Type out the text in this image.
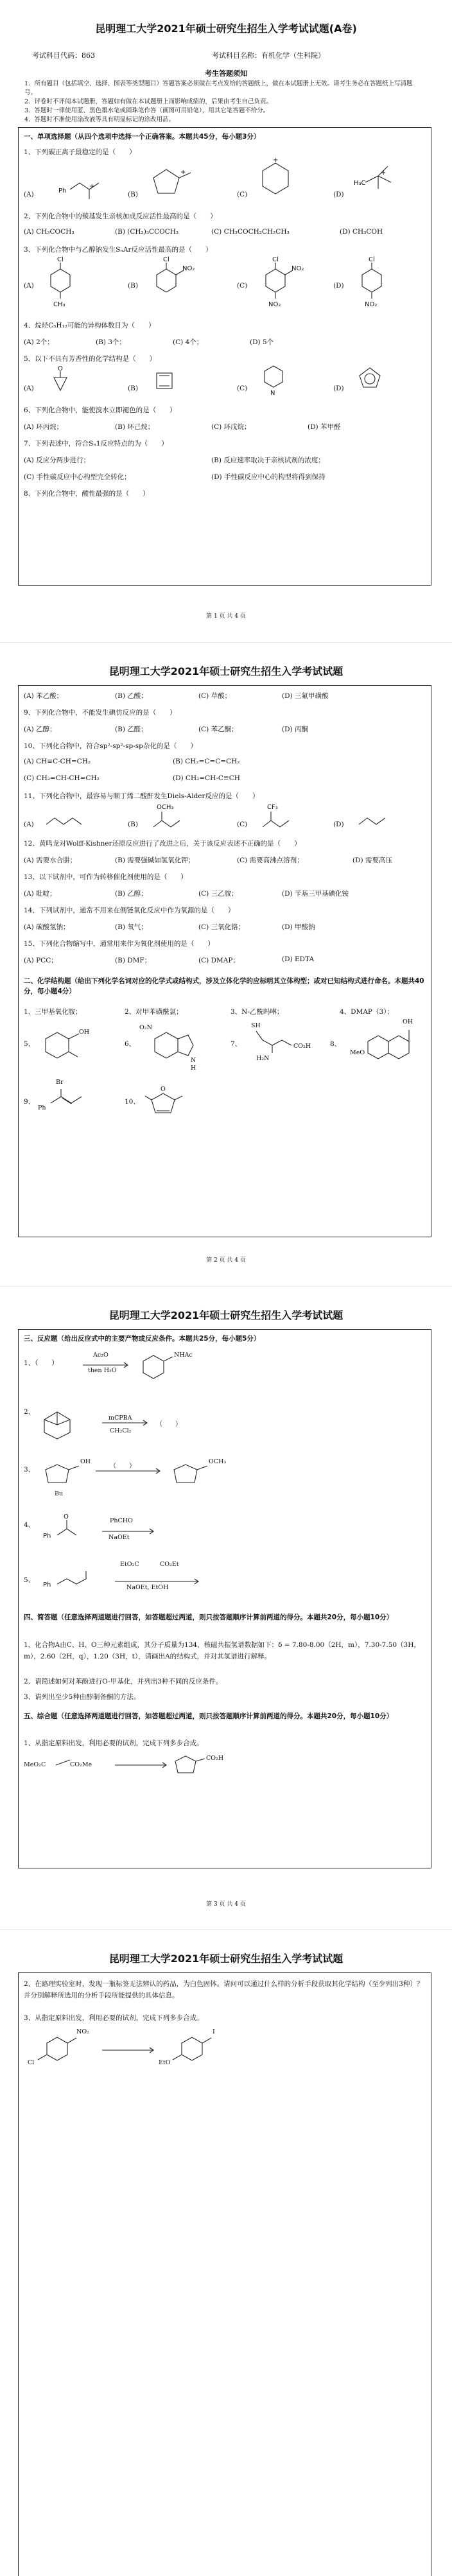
昆明理工大学2021年硕士研究生招生入学考试试题(A卷)
考试科目代码：863	考试科目名称：有机化学（生科院）
考生答题须知
1．所有题目（包括填空、选择、图表等类型题目）答题答案必须做在考点发给的答题纸上，做在本试题册上无效。请考生务必在答题纸上写清题号。
2．评卷时不评阅本试题册，答题如有做在本试题册上而影响成绩的，后果由考生自己负责。
3．答题时一律使用蓝、黑色墨水笔或圆珠笔作答（画图可用铅笔），用其它笔答题不给分。
4．答题时不准使用涂改液等具有明显标记的涂改用品。
一、单项选择题（从四个选项中选择一个正确答案。本题共45分，每小题3分）
1、下列碳正离子最稳定的是（　　）
(A)	(B)	(C)	(D)
Ph
+
+
+
+
H₃C
2、下列化合物中的羰基发生亲核加成反应活性最高的是（　　）
(A) CH₃COCH₃	(B) (CH₃)₃CCOCH₃	(C) CH₃COCH₂CH₂CH₃	(D) CH₃COH
3、下列化合物中与乙醇钠发生SₙAr反应活性最高的是（　　）
(A)	(B)	(C)	(D)
Cl
CH₃
Cl
NO₂
Cl
NO₂
NO₂
Cl
NO₂
4、烷烃C₅H₁₂可能的异构体数目为（　　）
(A) 2个；	(B) 3个；	(C) 4个；	(D) 5个
5、以下不具有芳香性的化学结构是（　　）
(A)	(B)	(C)	(D)
O
N
6、下列化合物中，能使溴水立即褪色的是（　　）
(A) 环丙烷；	(B) 环己烷；	(C) 环戊烷；	(D) 苯甲醛
7、下列表述中，符合Sₙ1反应特点的为（　　）
(A) 反应分两步进行；	(B) 反应速率取决于亲核试剂的浓度；
(C) 手性碳反应中心构型完全转化；	(D) 手性碳反应中心的构型将得到保持
8、下列化合物中，酸性最强的是（　　）
第 1 页 共 4 页
昆明理工大学2021年硕士研究生招生入学考试试题
(A) 苯乙酸；	(B) 乙酸；	(C) 草酸；	(D) 三氟甲磺酸
9、下列化合物中，不能发生碘仿反应的是（　　）
(A) 乙醇；	(B) 乙醛；	(C) 苯乙酮；	(D) 丙酮
10、下列化合物中，符合sp²-sp²-sp-sp杂化的是（　　）
(A) CH≡C-CH=CH₂	(B) CH₂=C=C=CH₂
(C) CH₂=CH-CH=CH₂	(D) CH₂=CH-C≡CH
11、下列化合物中，最容易与顺丁烯二酸酐发生Diels-Alder反应的是（　　）
(A)	(B)	(C)	(D)
OCH₃	CF₃
12、黄鸣龙对Wolff-Kishner还原反应进行了改进之后，关于该反应表述不正确的是（　　）
(A) 需要水合肼；	(B) 需要强碱如氢氧化钾；	(C) 需要高沸点溶剂；	(D) 需要高压
13、以下试剂中，可作为转移催化剂使用的是（　　）
(A) 吡啶；	(B) 乙醇；	(C) 三乙胺；	(D) 苄基三甲基碘化铵
14、下列试剂中，通常不用来在侧链氧化反应中作为氧源的是（　　）
(A) 碳酸氢钠；	(B) 氧气；	(C) 三氧化铬；	(D) 甲酸钠
15、下列化合物缩写中，通常用来作为氧化剂使用的是（　　）
(A) PCC；	(B) DMF；	(C) DMAP；	(D) EDTA
二、化学结构题（给出下列化学名词对应的化学式或结构式，涉及立体化学的应标明其立体构型；或对已知结构式进行命名。本题共40分，每小题4分）
1、三甲基氧化胺；	2、对甲苯磺酰氯；	3、N-乙酰吗啉；	4、DMAP（3）；
5、
OH
6、
O₂N
N
H
7、
SH
H₂N
CO₂H	8、
OH
MeO
9、
Br
Ph
10、
O
第 2 页 共 4 页
昆明理工大学2021年硕士研究生招生入学考试试题
三、反应题（给出反应式中的主要产物或反应条件。本题共25分，每小题5分）
1、（　　）
Ac₂O
then H₂O
NHAc
2、
（　　）
mCPBA
CH₂Cl₂
3、	（　　）
OH	OCH₃
Bu
4、
Ph
O
PhCHO
NaOEt
5、
Ph
EtO₂C	CO₂Et
NaOEt, EtOH
四、简答题（任意选择两道题进行回答，如答题超过两道，则只按答题顺序计算前两道的得分。本题共20分，每小题10分）
1、化合物A由C、H、O三种元素组成，其分子质量为134，核磁共振氢谱数据如下：δ = 7.80-8.00（2H，m），7.30-7.50（3H，m），2.60（2H，q），1.20（3H，t），请画出A的结构式，并对其氢谱进行解释。
2、请简述如何对苯酚进行O-甲基化，并列出3种不同的反应条件。
3、请列出至少5种由醇制备酮的方法。
五、综合题（任意选择两道题进行回答，如答题超过两道，则只按答题顺序计算前两道的得分。本题共20分，每小题10分）
1、从指定原料出发，利用必要的试剂，完成下列多步合成。
MeO₂C	CO₂Me
CO₂H
第 3 页 共 4 页
昆明理工大学2021年硕士研究生招生入学考试试题
2、在路理实验室时，发现一瓶标签无法辨认的药品，为白色固体。请问可以通过什么样的分析手段获取其化学结构（至少列出3种）？并分别解释所选用的分析手段所能提供的具体信息。
3、从指定原料出发，利用必要的试剂，完成下列多步合成。
NO₂
Cl	EtO
I
